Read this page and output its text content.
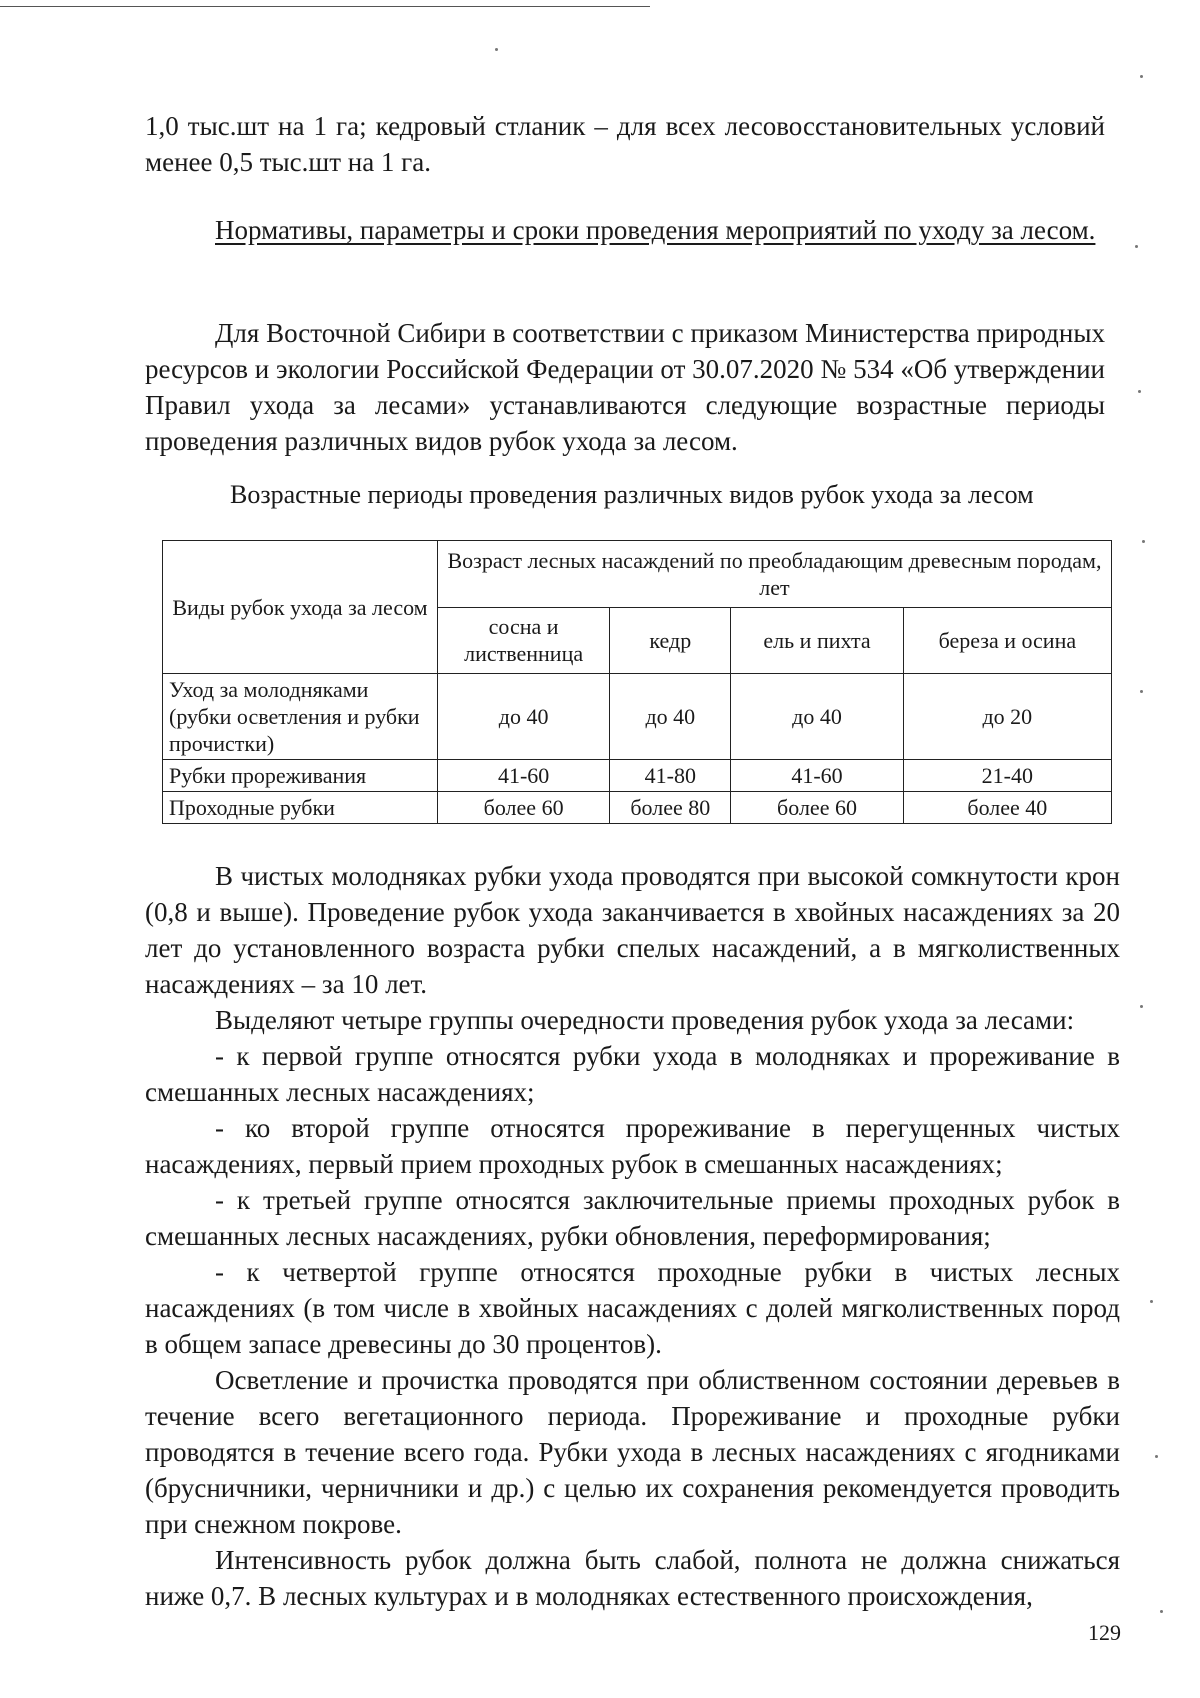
1,0 тыс.шт на 1 га; кедровый стланик – для всех лесовосстановительных условий менее 0,5 тыс.шт на 1 га.
Нормативы, параметры и сроки проведения мероприятий по уходу за лесом.
Для Восточной Сибири в соответствии с приказом Министерства природных ресурсов и экологии Российской Федерации от 30.07.2020 № 534 «Об утверждении Правил ухода за лесами» устанавливаются следующие возрастные периоды проведения различных видов рубок ухода за лесом.
Возрастные периоды проведения различных видов рубок ухода за лесом
Виды рубок ухода за лесом	Возраст лесных насаждений по преобладающим древесным породам, лет			
	сосна и лиственница	кедр	ель и пихта	береза и осина
Уход за молодняками (рубки осветления и рубки прочистки)	до 40	до 40	до 40	до 20
Рубки прореживания	41-60	41-80	41-60	21-40
Проходные рубки	более 60	более 80	более 60	более 40
В чистых молодняках рубки ухода проводятся при высокой сомкнутости крон (0,8 и выше). Проведение рубок ухода заканчивается в хвойных насаждениях за 20 лет до установленного возраста рубки спелых насаждений, а в мягколиственных насаждениях – за 10 лет.
Выделяют четыре группы очередности проведения рубок ухода за лесами:
- к первой группе относятся рубки ухода в молодняках и прореживание в смешанных лесных насаждениях;
- ко второй группе относятся прореживание в перегущенных чистых насаждениях, первый прием проходных рубок в смешанных насаждениях;
- к третьей группе относятся заключительные приемы проходных рубок в смешанных лесных насаждениях, рубки обновления, переформирования;
- к четвертой группе относятся проходные рубки в чистых лесных насаждениях (в том числе в хвойных насаждениях с долей мягколиственных пород в общем запасе древесины до 30 процентов).
Осветление и прочистка проводятся при облиственном состоянии деревьев в течение всего вегетационного периода. Прореживание и проходные рубки проводятся в течение всего года. Рубки ухода в лесных насаждениях с ягодниками (брусничники, черничники и др.) с целью их сохранения рекомендуется проводить при снежном покрове.
Интенсивность рубок должна быть слабой, полнота не должна снижаться ниже 0,7. В лесных культурах и в молодняках естественного происхождения,
129
